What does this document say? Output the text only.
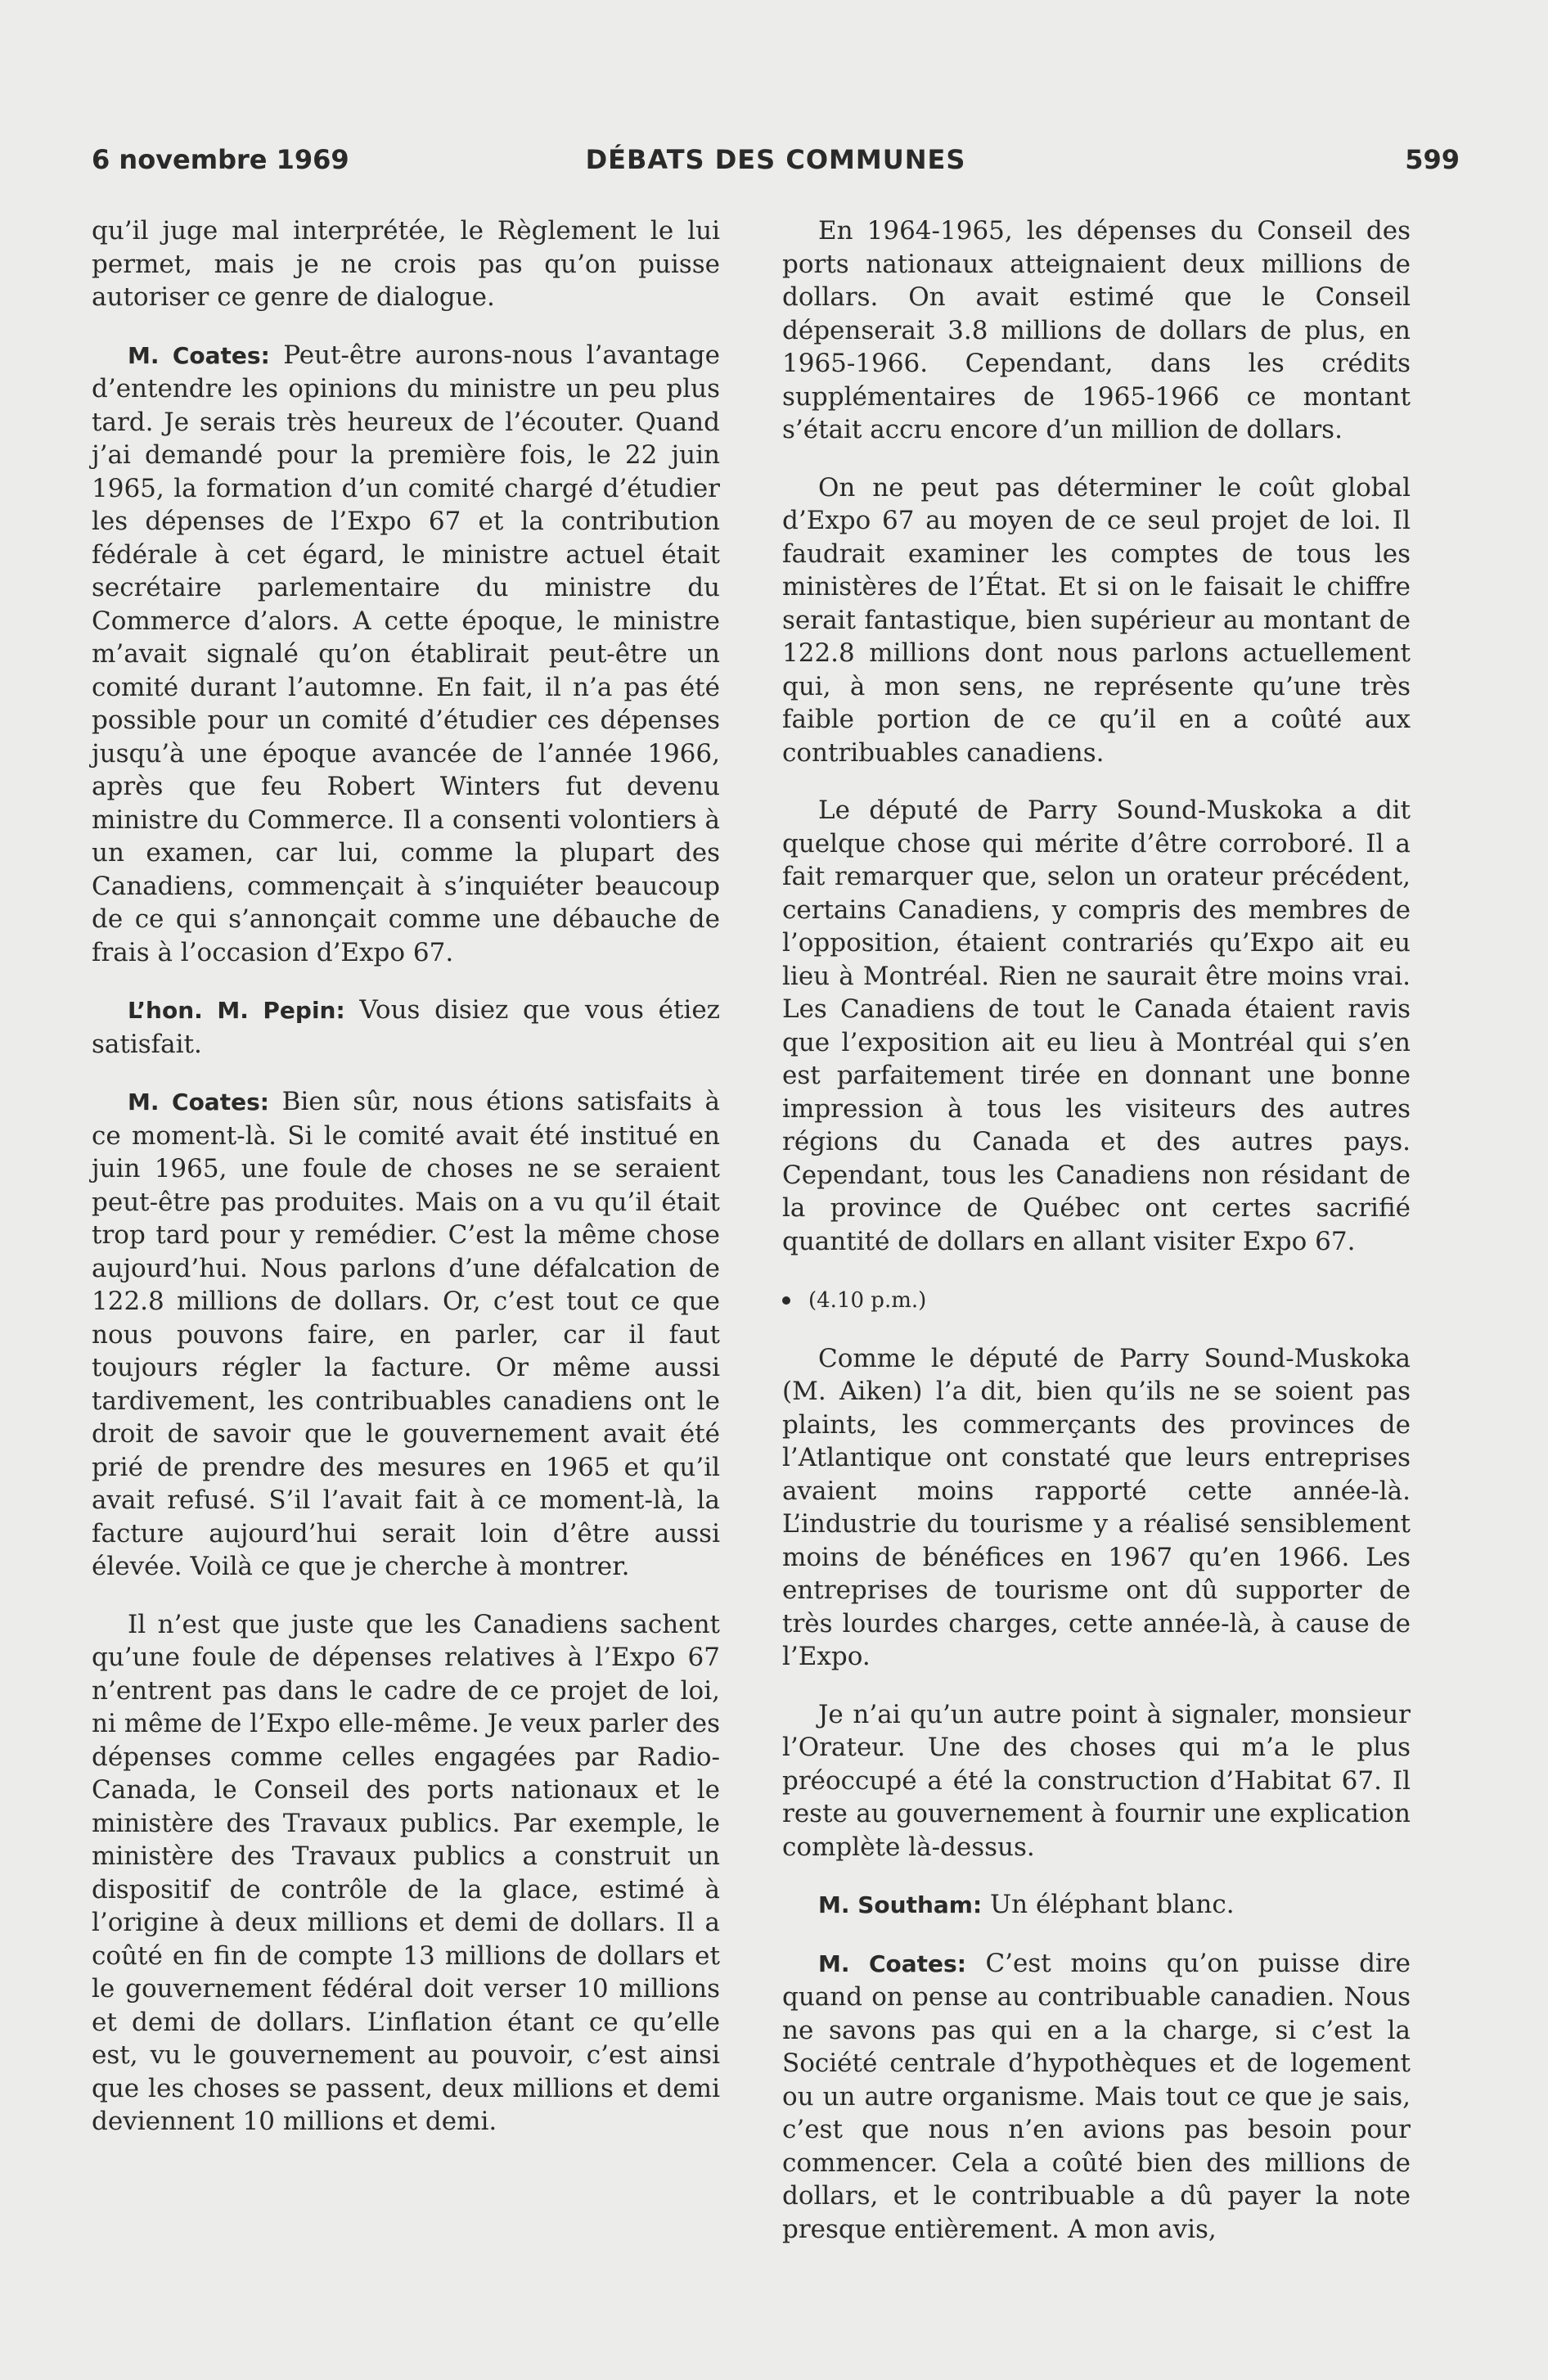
6 novembre 1969	DÉBATS DES COMMUNES	599

qu’il juge mal interprétée, le Règlement le lui permet, mais je ne crois pas qu’on puisse autoriser ce genre de dialogue.

M. Coates: Peut-être aurons-nous l’avantage d’entendre les opinions du ministre un peu plus tard. Je serais très heureux de l’écouter. Quand j’ai demandé pour la première fois, le 22 juin 1965, la formation d’un comité chargé d’étudier les dépenses de l’Expo 67 et la contribution fédérale à cet égard, le ministre actuel était secrétaire parlementaire du ministre du Commerce d’alors. A cette époque, le ministre m’avait signalé qu’on établirait peut-être un comité durant l’automne. En fait, il n’a pas été possible pour un comité d’étudier ces dépenses jusqu’à une époque avancée de l’année 1966, après que feu Robert Winters fut devenu ministre du Commerce. Il a consenti volontiers à un examen, car lui, comme la plupart des Canadiens, commençait à s’inquiéter beaucoup de ce qui s’annonçait comme une débauche de frais à l’occasion d’Expo 67.

L’hon. M. Pepin: Vous disiez que vous étiez satisfait.

M. Coates: Bien sûr, nous étions satisfaits à ce moment-là. Si le comité avait été institué en juin 1965, une foule de choses ne se seraient peut-être pas produites. Mais on a vu qu’il était trop tard pour y remédier. C’est la même chose aujourd’hui. Nous parlons d’une défalcation de 122.8 millions de dollars. Or, c’est tout ce que nous pouvons faire, en parler, car il faut toujours régler la facture. Or même aussi tardivement, les contribuables canadiens ont le droit de savoir que le gouvernement avait été prié de prendre des mesures en 1965 et qu’il avait refusé. S’il l’avait fait à ce moment-là, la facture aujourd’hui serait loin d’être aussi élevée. Voilà ce que je cherche à montrer.

Il n’est que juste que les Canadiens sachent qu’une foule de dépenses relatives à l’Expo 67 n’entrent pas dans le cadre de ce projet de loi, ni même de l’Expo elle-même. Je veux parler des dépenses comme celles engagées par Radio-Canada, le Conseil des ports nationaux et le ministère des Travaux publics. Par exemple, le ministère des Travaux publics a construit un dispositif de contrôle de la glace, estimé à l’origine à deux millions et demi de dollars. Il a coûté en fin de compte 13 millions de dollars et le gouvernement fédéral doit verser 10 millions et demi de dollars. L’inflation étant ce qu’elle est, vu le gouvernement au pouvoir, c’est ainsi que les choses se passent, deux millions et demi deviennent 10 millions et demi.

En 1964-1965, les dépenses du Conseil des ports nationaux atteignaient deux millions de dollars. On avait estimé que le Conseil dépenserait 3.8 millions de dollars de plus, en 1965-1966. Cependant, dans les crédits supplémentaires de 1965-1966 ce montant s’était accru encore d’un million de dollars.

On ne peut pas déterminer le coût global d’Expo 67 au moyen de ce seul projet de loi. Il faudrait examiner les comptes de tous les ministères de l’État. Et si on le faisait le chiffre serait fantastique, bien supérieur au montant de 122.8 millions dont nous parlons actuellement qui, à mon sens, ne représente qu’une très faible portion de ce qu’il en a coûté aux contribuables canadiens.

Le député de Parry Sound-Muskoka a dit quelque chose qui mérite d’être corroboré. Il a fait remarquer que, selon un orateur précédent, certains Canadiens, y compris des membres de l’opposition, étaient contrariés qu’Expo ait eu lieu à Montréal. Rien ne saurait être moins vrai. Les Canadiens de tout le Canada étaient ravis que l’exposition ait eu lieu à Montréal qui s’en est parfaitement tirée en donnant une bonne impression à tous les visiteurs des autres régions du Canada et des autres pays. Cependant, tous les Canadiens non résidant de la province de Québec ont certes sacrifié quantité de dollars en allant visiter Expo 67.

(4.10 p.m.)

Comme le député de Parry Sound-Muskoka (M. Aiken) l’a dit, bien qu’ils ne se soient pas plaints, les commerçants des provinces de l’Atlantique ont constaté que leurs entreprises avaient moins rapporté cette année-là. L’industrie du tourisme y a réalisé sensiblement moins de bénéfices en 1967 qu’en 1966. Les entreprises de tourisme ont dû supporter de très lourdes charges, cette année-là, à cause de l’Expo.

Je n’ai qu’un autre point à signaler, monsieur l’Orateur. Une des choses qui m’a le plus préoccupé a été la construction d’Habitat 67. Il reste au gouvernement à fournir une explication complète là-dessus.

M. Southam: Un éléphant blanc.

M. Coates: C’est moins qu’on puisse dire quand on pense au contribuable canadien. Nous ne savons pas qui en a la charge, si c’est la Société centrale d’hypothèques et de logement ou un autre organisme. Mais tout ce que je sais, c’est que nous n’en avions pas besoin pour commencer. Cela a coûté bien des millions de dollars, et le contribuable a dû payer la note presque entièrement. A mon avis,
